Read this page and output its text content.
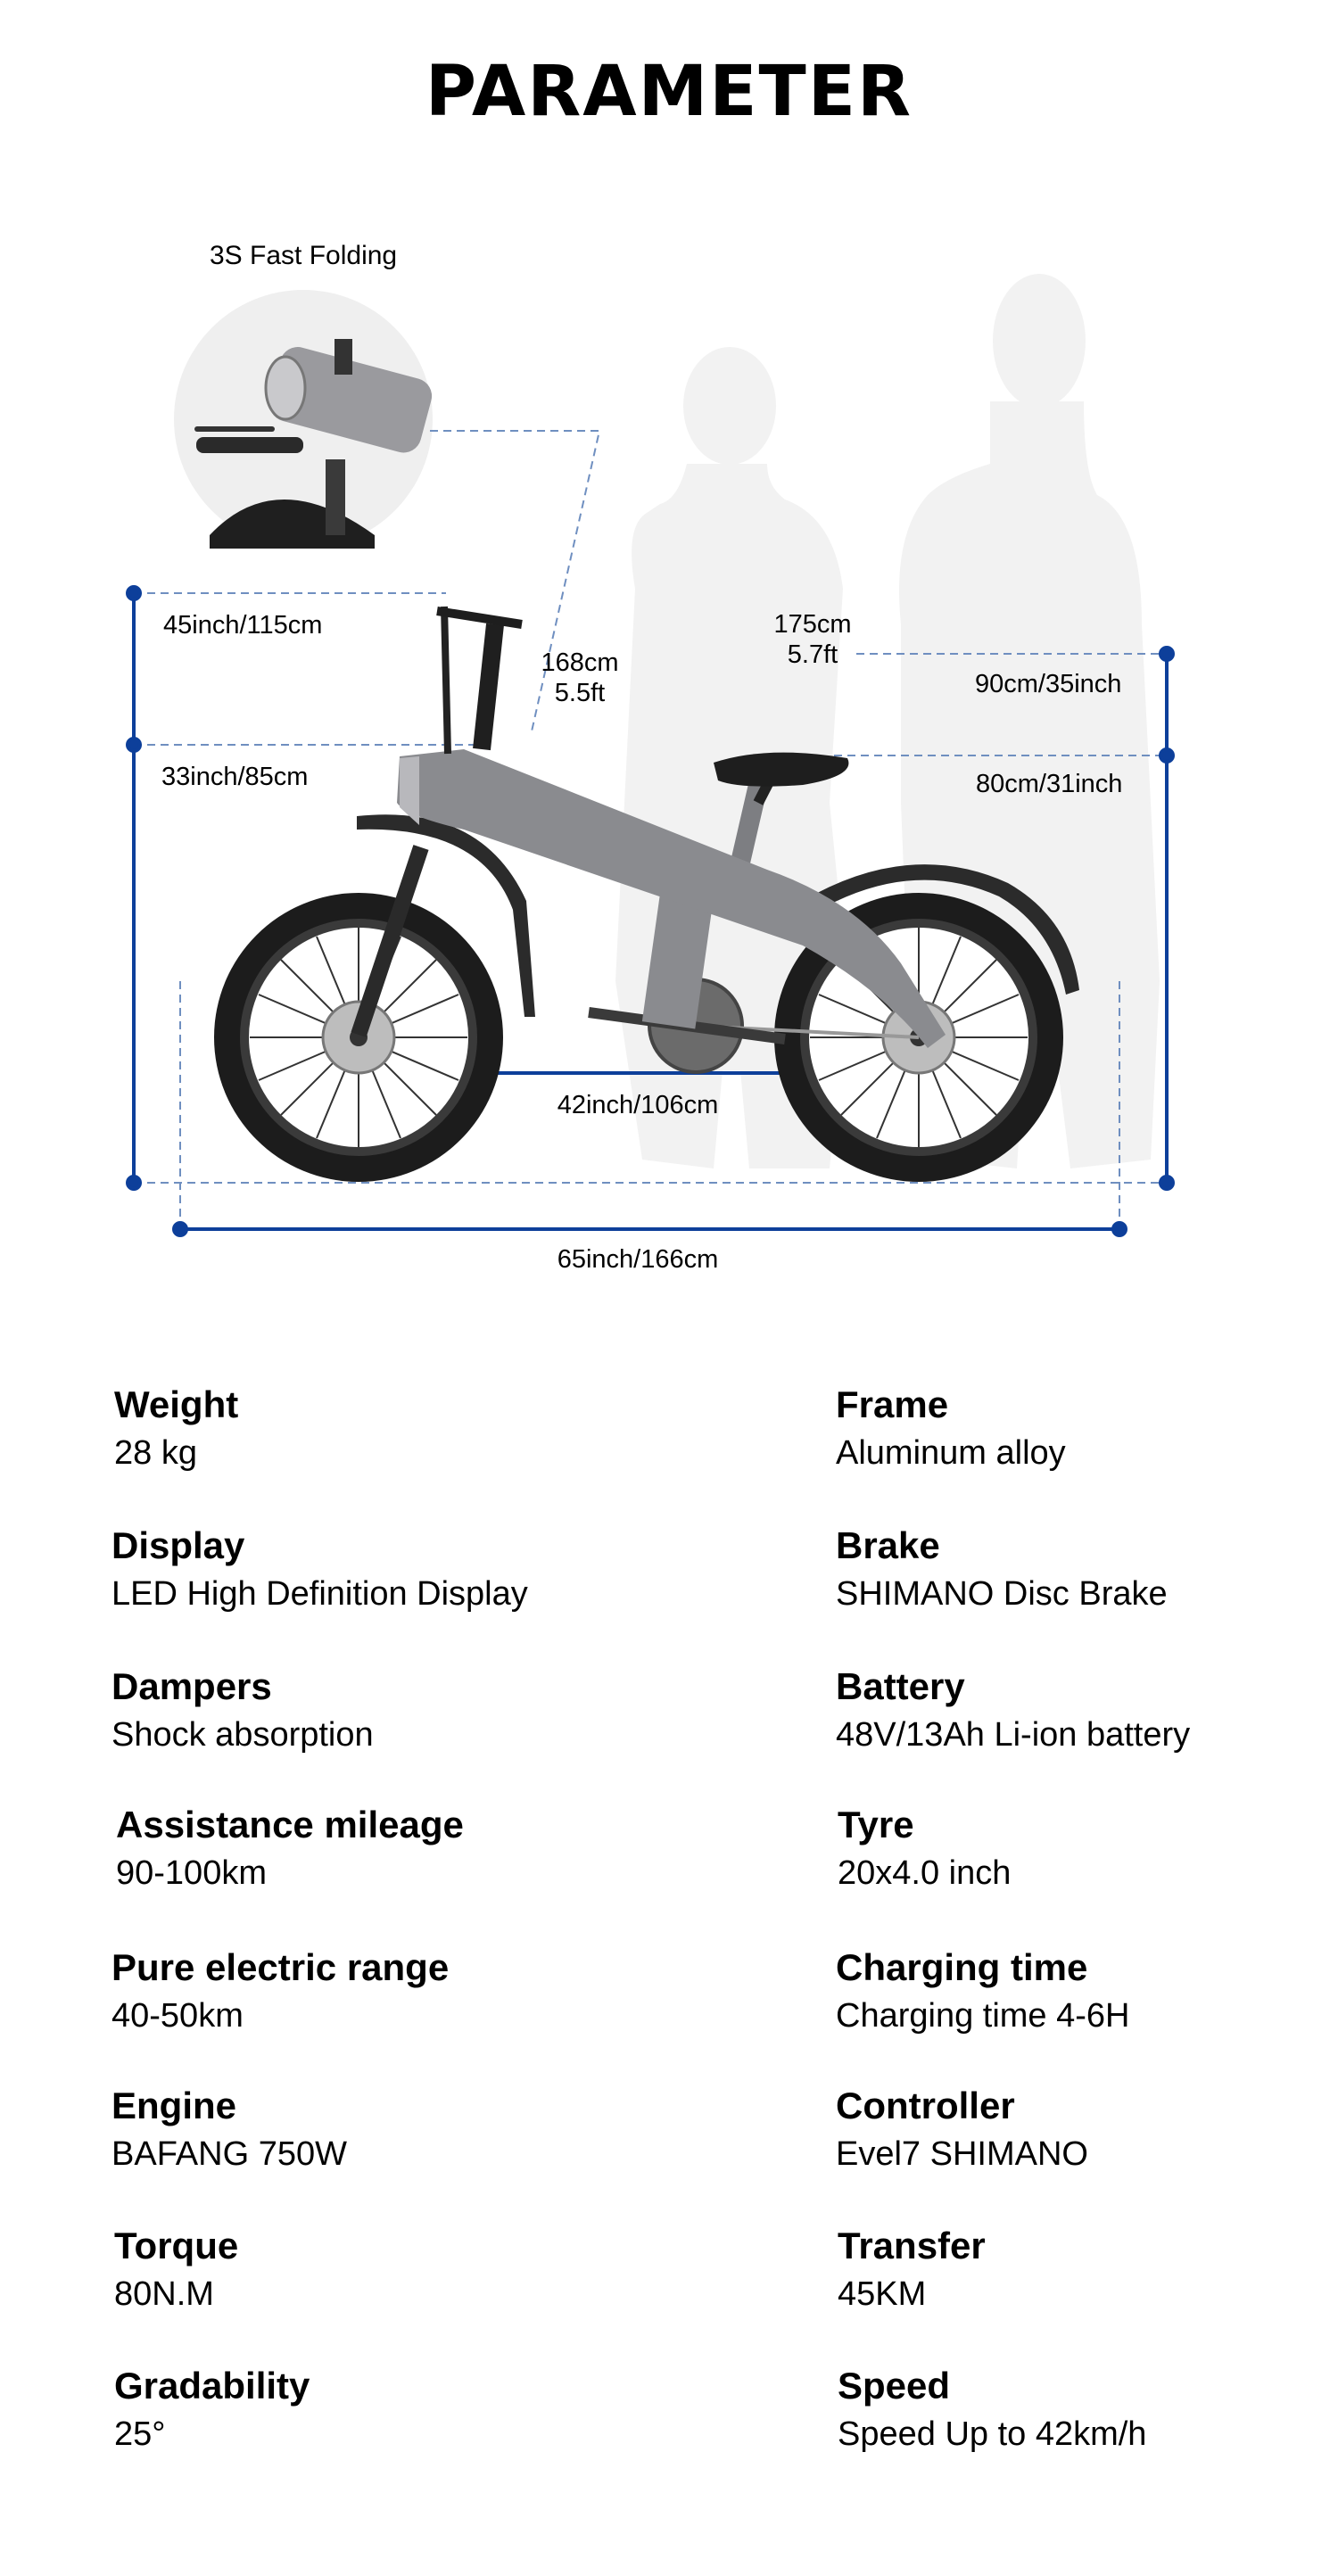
PARAMETER
3S Fast Folding
45inch/115cm
33inch/85cm
168cm
5.5ft
175cm
5.7ft
90cm/35inch
80cm/31inch
42inch/106cm
65inch/166cm
Weight
28 kg
Display
LED High Definition Display
Dampers
Shock absorption
Assistance mileage
90-100km
Pure electric range
40-50km
Engine
BAFANG 750W
Torque
80N.M
Gradability
25°
Frame
Aluminum alloy
Brake
SHIMANO Disc Brake
Battery
48V/13Ah Li-ion battery
Tyre
20x4.0 inch
Charging time
Charging time 4-6H
Controller
Evel7 SHIMANO
Transfer
45KM
Speed
Speed Up to 42km/h
